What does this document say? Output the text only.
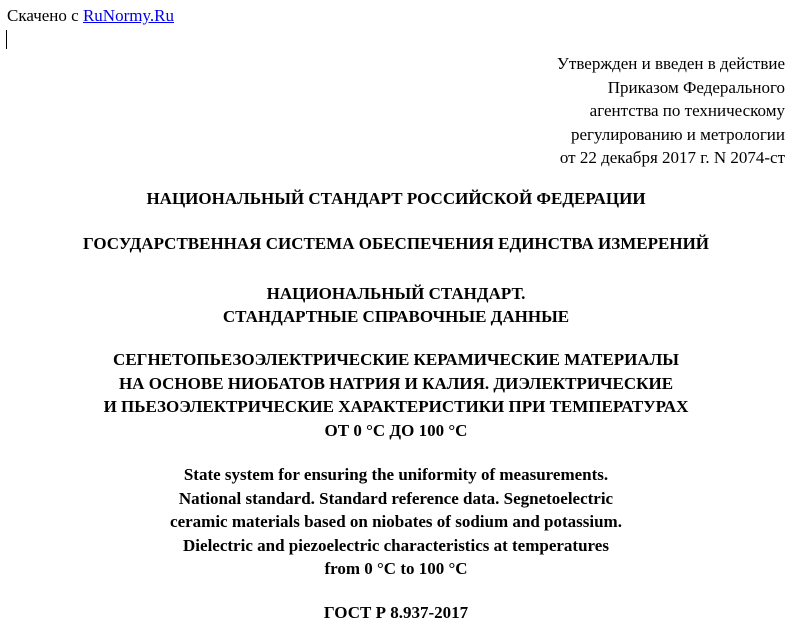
Скачено с RuNormy.Ru
Утвержден и введен в действие
Приказом Федерального
агентства по техническому
регулированию и метрологии
от 22 декабря 2017 г. N 2074-ст
НАЦИОНАЛЬНЫЙ СТАНДАРТ РОССИЙСКОЙ ФЕДЕРАЦИИ
ГОСУДАРСТВЕННАЯ СИСТЕМА ОБЕСПЕЧЕНИЯ ЕДИНСТВА ИЗМЕРЕНИЙ
НАЦИОНАЛЬНЫЙ СТАНДАРТ.
СТАНДАРТНЫЕ СПРАВОЧНЫЕ ДАННЫЕ
СЕГНЕТОПЬЕЗОЭЛЕКТРИЧЕСКИЕ КЕРАМИЧЕСКИЕ МАТЕРИАЛЫ
НА ОСНОВЕ НИОБАТОВ НАТРИЯ И КАЛИЯ. ДИЭЛЕКТРИЧЕСКИЕ
И ПЬЕЗОЭЛЕКТРИЧЕСКИЕ ХАРАКТЕРИСТИКИ ПРИ ТЕМПЕРАТУРАХ
ОТ 0 °С ДО 100 °С
State system for ensuring the uniformity of measurements.
National standard. Standard reference data. Segnetoelectric
ceramic materials based on niobates of sodium and potassium.
Dielectric and piezoelectric characteristics at temperatures
from 0 °C to 100 °C
ГОСТ Р 8.937-2017
